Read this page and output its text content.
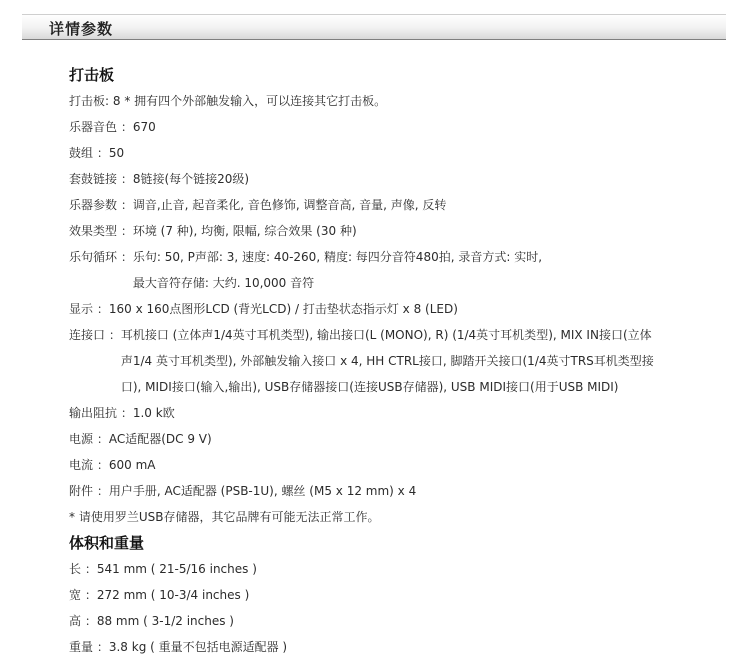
详情参数
打击板
打击板: 8 * 拥有四个外部触发输入，可以连接其它打击板。
乐器音色 ：670
鼓组 ：50
套鼓链接 ：8链接(每个链接20级)
乐器参数 ：调音,止音, 起音柔化, 音色修饰, 调整音高, 音量, 声像, 反转
效果类型 ：环境 (7 种), 均衡, 限幅, 综合效果 (30 种)
乐句循环 ：乐句: 50, P声部: 3, 速度: 40-260, 精度: 每四分音符480拍, 录音方式: 实时,
最大音符存储: 大约. 10,000 音符
显示 ：160 x 160点图形LCD (背光LCD) / 打击垫状态指示灯 x 8 (LED)
连接口 ：耳机接口 (立体声1/4英寸耳机类型), 输出接口(L (MONO), R) (1/4英寸耳机类型), MIX IN接口(立体
声1/4 英寸耳机类型), 外部触发输入接口 x 4, HH CTRL接口, 脚踏开关接口(1/4英寸TRS耳机类型接
口), MIDI接口(输入,输出), USB存储器接口(连接USB存储器), USB MIDI接口(用于USB MIDI)
输出阻抗 ：1.0 k欧
电源 ：AC适配器(DC 9 V)
电流 ：600 mA
附件 ：用户手册, AC适配器 (PSB-1U), 螺丝 (M5 x 12 mm) x 4
* 请使用罗兰USB存储器，其它品牌有可能无法正常工作。
体积和重量
长 ：541 mm ( 21-5/16 inches )
宽 ：272 mm ( 10-3/4 inches )
高 ：88 mm ( 3-1/2 inches )
重量 ：3.8 kg ( 重量不包括电源适配器 )
